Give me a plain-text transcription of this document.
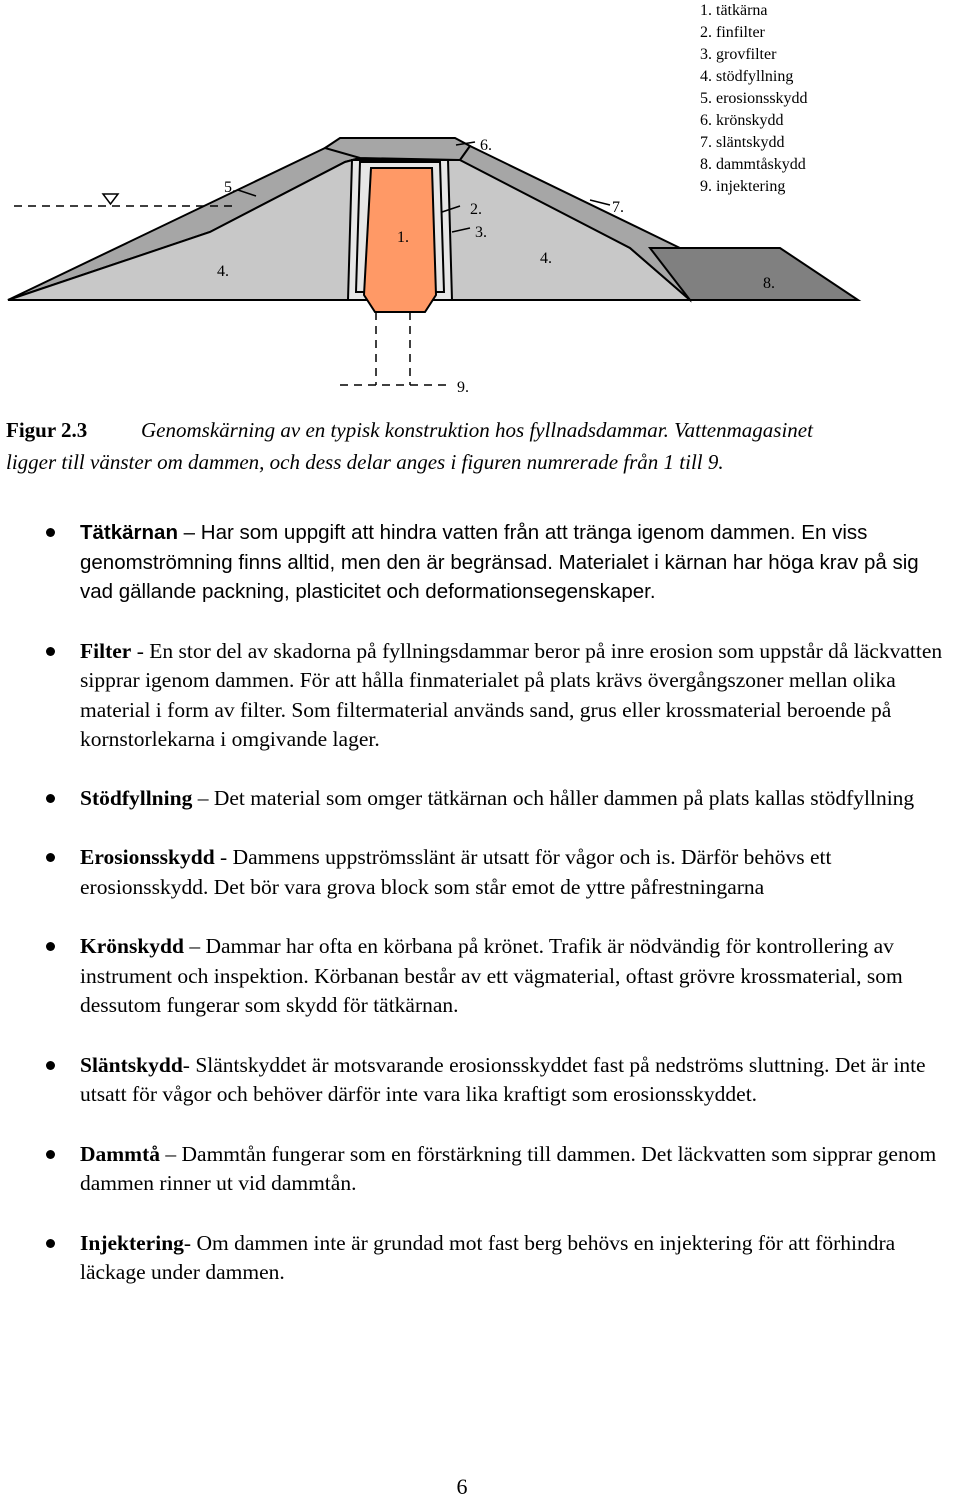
5.
4.
1.
6.
2.
3.
4.
7.
8.
9.
1. tätkärna
2. finfilter
3. grovfilter
4. stödfyllning
5. erosionsskydd
6. krönskydd
7. släntskydd
8. dammtåskydd
9. injektering
Figur 2.3	Genomskärning av en typisk konstruktion hos fyllnadsdammar. Vattenmagasinet
ligger till vänster om dammen, och dess delar anges i figuren numrerade från 1 till 9.
Tätkärnan – Har som uppgift att hindra vatten från att tränga igenom dammen. En viss genomströmning finns alltid, men den är begränsad. Materialet i kärnan har höga krav på sig vad gällande packning, plasticitet och deformationsegenskaper.
Filter - En stor del av skadorna på fyllningsdammar beror på inre erosion som uppstår då läckvatten sipprar igenom dammen. För att hålla finmaterialet på plats krävs övergångszoner mellan olika material i form av filter. Som filtermaterial används sand, grus eller krossmaterial beroende på kornstorlekarna i omgivande lager.
Stödfyllning – Det material som omger tätkärnan och håller dammen på plats kallas stödfyllning
Erosionsskydd - Dammens uppströmsslänt är utsatt för vågor och is. Därför behövs ett erosionsskydd. Det bör vara grova block som står emot de yttre påfrestningarna
Krönskydd – Dammar har ofta en körbana på krönet. Trafik är nödvändig för kontrollering av instrument och inspektion. Körbanan består av ett vägmaterial, oftast grövre krossmaterial, som dessutom fungerar som skydd för tätkärnan.
Släntskydd- Släntskyddet är motsvarande erosionsskyddet fast på nedströms sluttning. Det är inte utsatt för vågor och behöver därför inte vara lika kraftigt som erosionsskyddet.
Dammtå – Dammtån fungerar som en förstärkning till dammen. Det läckvatten som sipprar genom dammen rinner ut vid dammtån.
Injektering- Om dammen inte är grundad mot fast berg behövs en injektering för att förhindra läckage under dammen.
6
